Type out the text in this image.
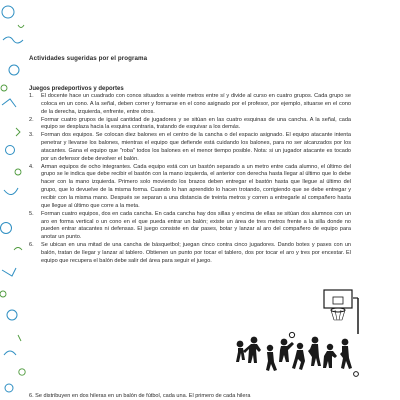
Actividades sugeridas por el programa
Juegos predeportivos y deportes
1. El docente hace un cuadrado con conos situados a veinte metros entre sí y divide al curso en cuatro grupos. Cada grupo se coloca en un cono. A la señal, deben correr y formarse en el cono asignado por el profesor, por ejemplo, situarse en el cono de la derecha, izquierda, enfrente, entre otros.
2. Formar cuatro grupos de igual cantidad de jugadores y se sitúan en las cuatro esquinas de una cancha. A la señal, cada equipo se desplaza hacia la esquina contraria, tratando de esquivar a los demás.
3. Forman dos equipos. Se colocan diez balones en el centro de la cancha o del espacio asignado. El equipo atacante intenta penetrar y llevarse los balones, mientras el equipo que defiende está cuidando los balones, para no ser alcanzados por los atacantes. Gana el equipo que "roba" todos los balones en el menor tiempo posible. Nota: si un jugador atacante es tocado por un defensor debe devolver el balón.
4. Arman equipos de ocho integrantes. Cada equipo está con un bastón separado a un metro entre cada alumno, el último del grupo se le indica que debe recibir el bastón con la mano izquierda, el anterior con derecha hasta llegar al último que lo debe hacer con la mano izquierda. Primero solo moviendo los brazos deben entregar el bastón hasta que llegue al último del grupo, que lo devuelve de la misma forma. Cuando lo han aprendido lo hacen trotando, corrigiendo que se debe entregar y recibir con la misma mano. Después se separan a una distancia de treinta metros y corren a entregarle al compañero hasta que llegue al último que corre a la meta.
5. Forman cuatro equipos, dos en cada cancha. En cada cancha hay dos sillas y encima de ellas se sitúan dos alumnos con un aro en forma vertical o un cono en el que pueda entrar un balón; existe un área de tres metros frente a la silla donde no pueden entrar atacantes ni defensas. El juego consiste en dar pases, botar y lanzar al aro del compañero de equipo para anotar un punto.
6. Se ubican en una mitad de una cancha de básquetbol; juegan cinco contra cinco jugadores. Dando botes y pases con un balón, tratan de llegar y lanzar al tablero. Obtienen un punto por tocar el tablero, dos por tocar el aro y tres por encestar. El equipo que recupera el balón debe salir del área para seguir el juego.
6. Se distribuyen en dos hileras en un balón de fútbol, cada una. El primero de cada hilera
